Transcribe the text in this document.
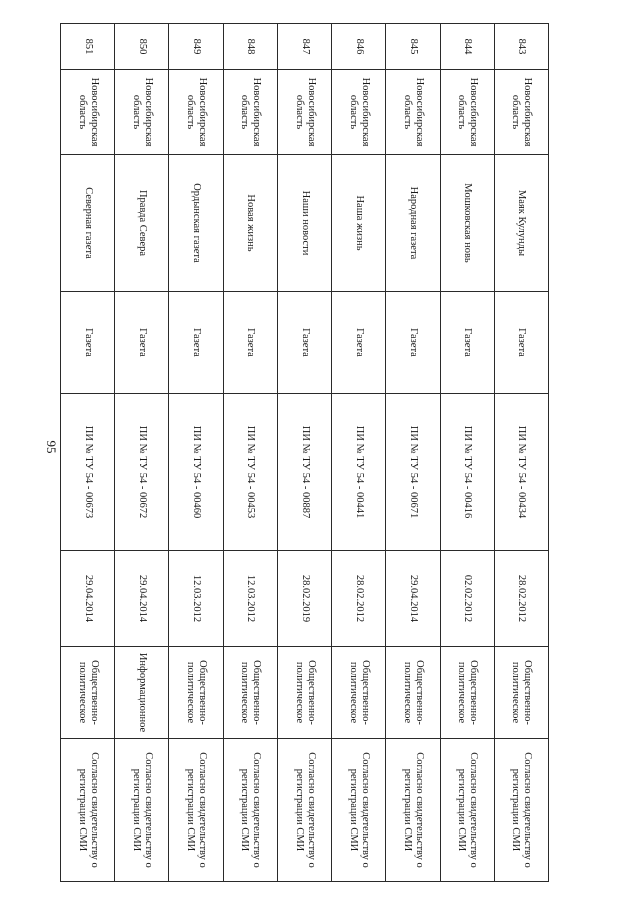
95
843	Новосибирская область	Маяк Кулунды	Газета	ПИ № ТУ 54 - 00434	28.02.2012	Общественно-политическое	Согласно свидетельству о регистрации СМИ
844	Новосибирская область	Мошковская новь	Газета	ПИ № ТУ 54 - 00416	02.02.2012	Общественно-политическое	Согласно свидетельству о регистрации СМИ
845	Новосибирская область	Народная газета	Газета	ПИ № ТУ 54 - 00671	29.04.2014	Общественно-политическое	Согласно свидетельству о регистрации СМИ
846	Новосибирская область	Наша жизнь	Газета	ПИ № ТУ 54 - 00441	28.02.2012	Общественно-политическое	Согласно свидетельству о регистрации СМИ
847	Новосибирская область	Наши новости	Газета	ПИ № ТУ 54 - 00887	28.02.2019	Общественно-политическое	Согласно свидетельству о регистрации СМИ
848	Новосибирская область	Новая жизнь	Газета	ПИ № ТУ 54 - 00453	12.03.2012	Общественно-политическое	Согласно свидетельству о регистрации СМИ
849	Новосибирская область	Ордынская газета	Газета	ПИ № ТУ 54 - 00460	12.03.2012	Общественно-политическое	Согласно свидетельству о регистрации СМИ
850	Новосибирская область	Правда Севера	Газета	ПИ № ТУ 54 - 00672	29.04.2014	Информационное	Согласно свидетельству о регистрации СМИ
851	Новосибирская область	Северная газета	Газета	ПИ № ТУ 54 - 00673	29.04.2014	Общественно-политическое	Согласно свидетельству о регистрации СМИ
